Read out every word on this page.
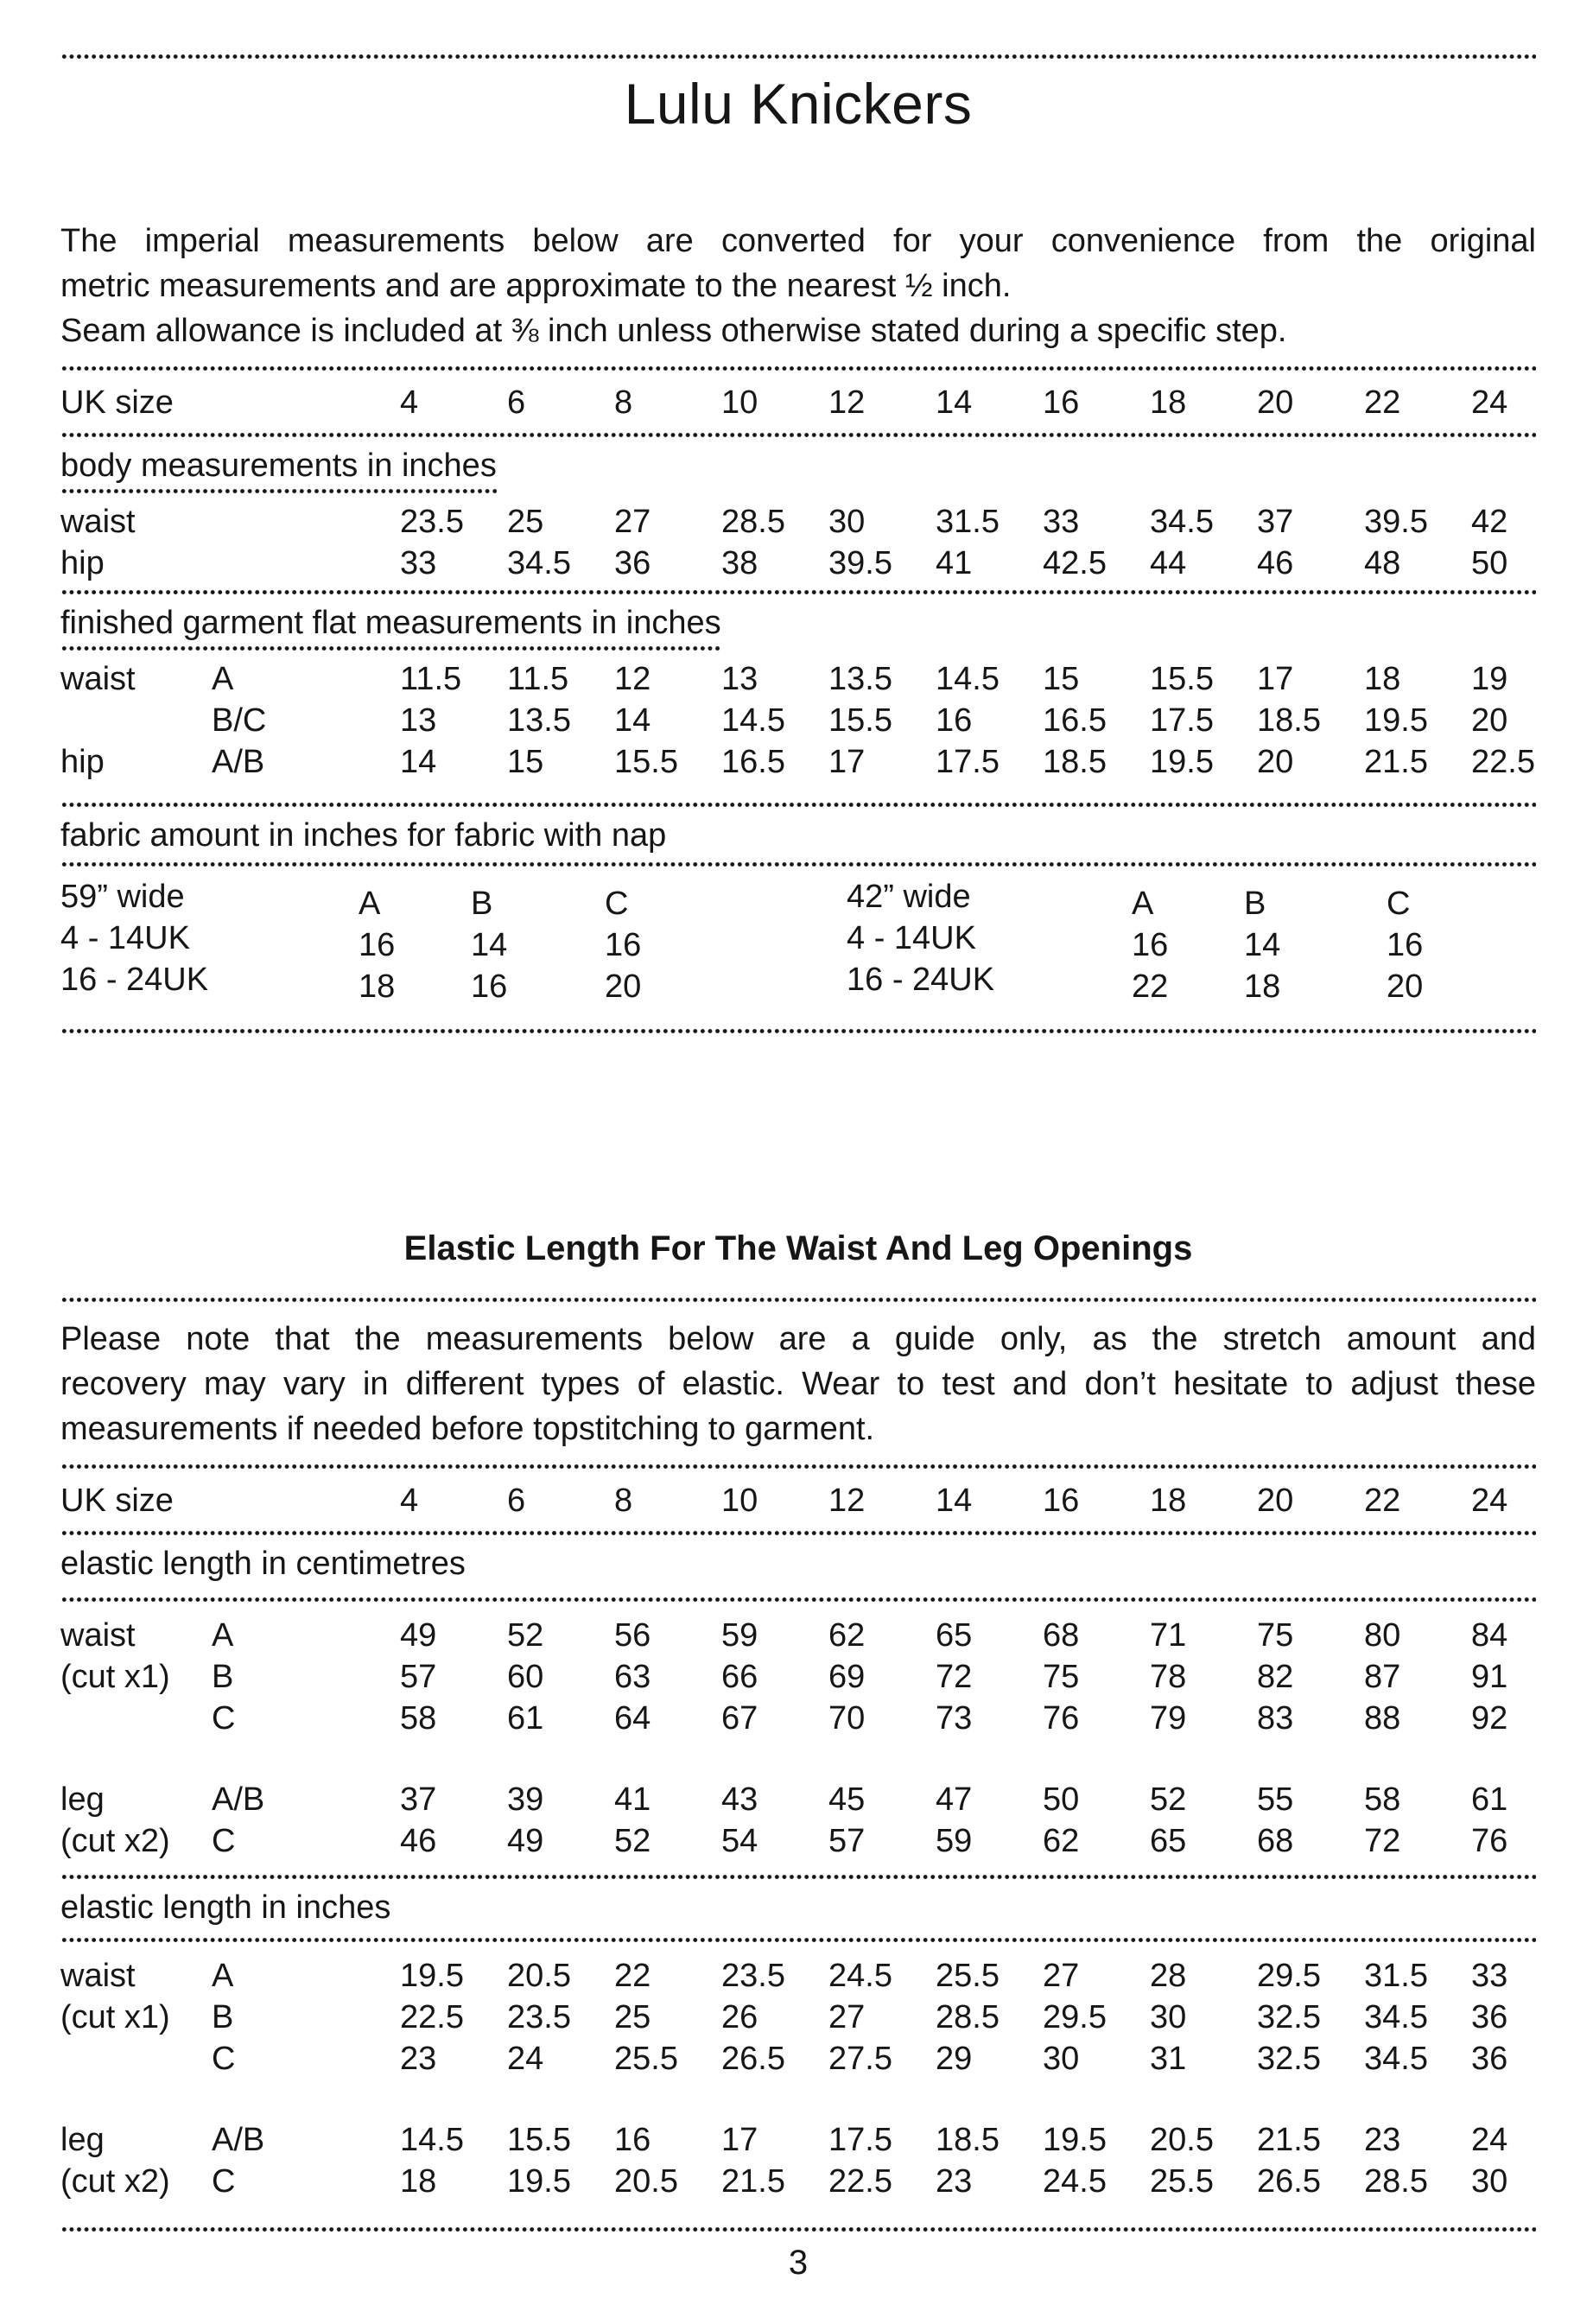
Lulu Knickers
The imperial measurements below are converted for your convenience from the original
metric measurements and are approximate to the nearest ½ inch.
Seam allowance is included at ⅜ inch unless otherwise stated during a specific step.
UK size	4	6	8	10	12	14	16	18	20	22	24
body measurements in inches
waist	23.5	25	27	28.5	30	31.5	33	34.5	37	39.5	42
hip	33	34.5	36	38	39.5	41	42.5	44	46	48	50
finished garment flat measurements in inches
waist	A	11.5	11.5	12	13	13.5	14.5	15	15.5	17	18	19
B/C	13	13.5	14	14.5	15.5	16	16.5	17.5	18.5	19.5	20
hip	A/B	14	15	15.5	16.5	17	17.5	18.5	19.5	20	21.5	22.5
fabric amount in inches for fabric with nap
59” wide	A	B	C	42” wide	A	B	C
4 - 14UK	16	14	16	4 - 14UK	16	14	16
16 - 24UK	18	16	20	16 - 24UK	22	18	20
Elastic Length For The Waist And Leg Openings
Please note that the measurements below are a guide only, as the stretch amount and
recovery may vary in different types of elastic. Wear to test and don’t hesitate to adjust these
measurements if needed before topstitching to garment.
UK size	4	6	8	10	12	14	16	18	20	22	24
elastic length in centimetres
waist	A	49	52	56	59	62	65	68	71	75	80	84
(cut x1)	B	57	60	63	66	69	72	75	78	82	87	91
C	58	61	64	67	70	73	76	79	83	88	92
leg	A/B	37	39	41	43	45	47	50	52	55	58	61
(cut x2)	C	46	49	52	54	57	59	62	65	68	72	76
elastic length in inches
waist	A	19.5	20.5	22	23.5	24.5	25.5	27	28	29.5	31.5	33
(cut x1)	B	22.5	23.5	25	26	27	28.5	29.5	30	32.5	34.5	36
C	23	24	25.5	26.5	27.5	29	30	31	32.5	34.5	36
leg	A/B	14.5	15.5	16	17	17.5	18.5	19.5	20.5	21.5	23	24
(cut x2)	C	18	19.5	20.5	21.5	22.5	23	24.5	25.5	26.5	28.5	30
3
